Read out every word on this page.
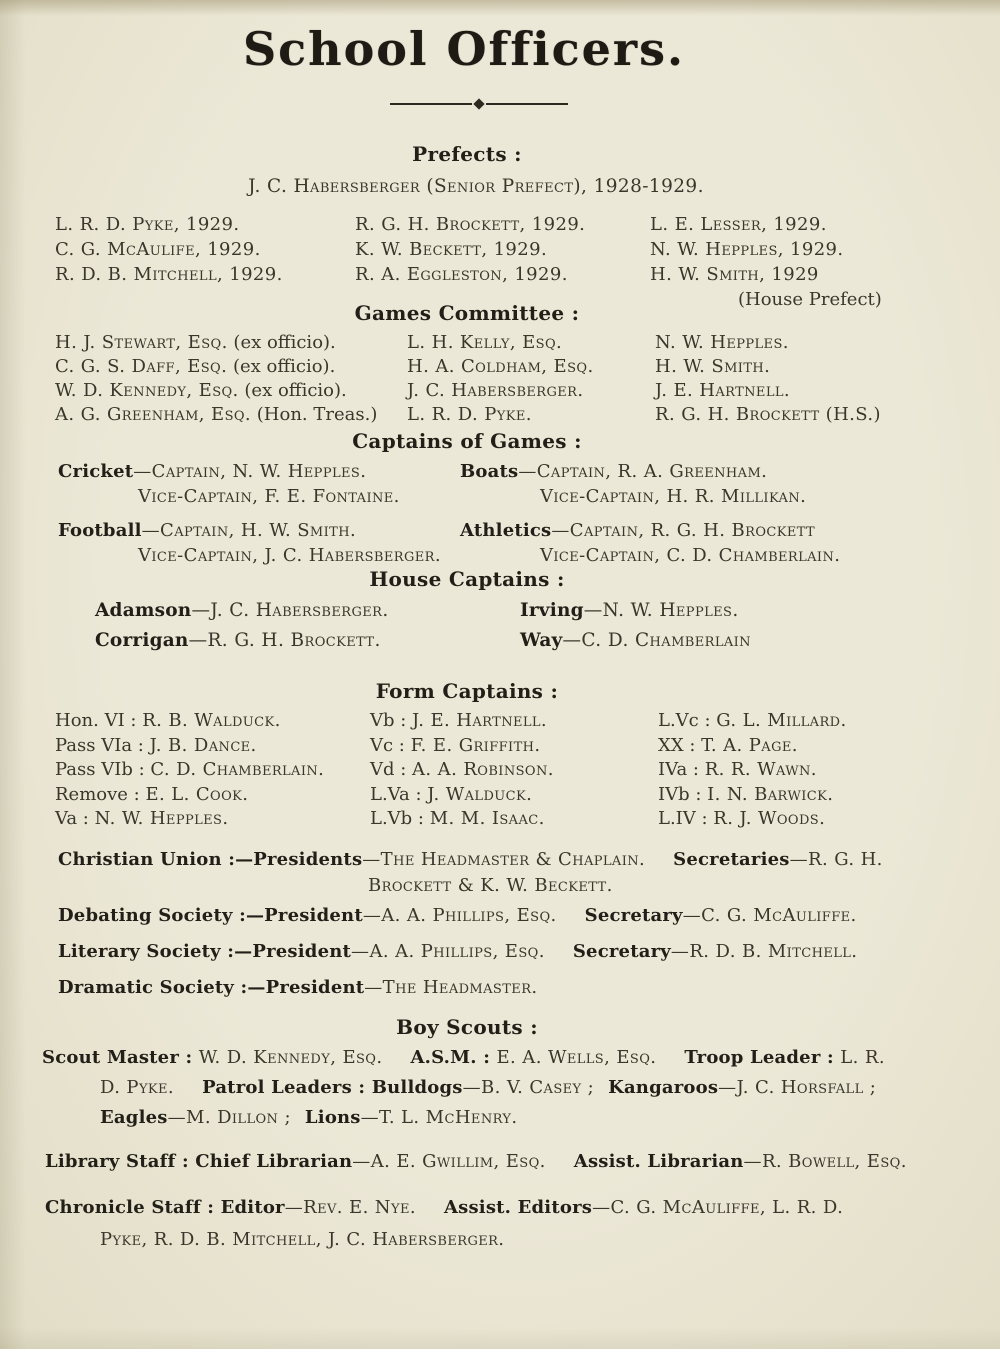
School Officers.
Prefects :
J. C. Habersberger (Senior Prefect), 1928-1929.
L. R. D. Pyke, 1929.
C. G. McAulife, 1929.
R. D. B. Mitchell, 1929.
R. G. H. Brockett, 1929.
K. W. Beckett, 1929.
R. A. Eggleston, 1929.
L. E. Lesser, 1929.
N. W. Hepples, 1929.
H. W. Smith, 1929
(House Prefect)
Games Committee :
H. J. Stewart, Esq. (ex officio).
C. G. S. Daff, Esq. (ex officio).
W. D. Kennedy, Esq. (ex officio).
A. G. Greenham, Esq. (Hon. Treas.)
L. H. Kelly, Esq.
H. A. Coldham, Esq.
J. C. Habersberger.
L. R. D. Pyke.
N. W. Hepples.
H. W. Smith.
J. E. Hartnell.
R. G. H. Brockett (H.S.)
Captains of Games :
Cricket—Captain, N. W. Hepples.
Vice-Captain, F. E. Fontaine.
Football—Captain, H. W. Smith.
Vice-Captain, J. C. Habersberger.
Boats—Captain, R. A. Greenham.
Vice-Captain, H. R. Millikan.
Athletics—Captain, R. G. H. Brockett
Vice-Captain, C. D. Chamberlain.
House Captains :
Adamson—J. C. Habersberger.
Corrigan—R. G. H. Brockett.
Irving—N. W. Hepples.
Way—C. D. Chamberlain
Form Captains :
Hon. VI : R. B. Walduck.
Pass VIa : J. B. Dance.
Pass VIb : C. D. Chamberlain.
Remove : E. L. Cook.
Va : N. W. Hepples.
Vb : J. E. Hartnell.
Vc : F. E. Griffith.
Vd : A. A. Robinson.
L.Va : J. Walduck.
L.Vb : M. M. Isaac.
L.Vc : G. L. Millard.
XX : T. A. Page.
IVa : R. R. Wawn.
IVb : I. N. Barwick.
L.IV : R. J. Woods.
Christian Union :—Presidents—The Headmaster & Chaplain. Secretaries—R. G. H.
Brockett & K. W. Beckett.
Debating Society :—President—A. A. Phillips, Esq. Secretary—C. G. McAuliffe.
Literary Society :—President—A. A. Phillips, Esq. Secretary—R. D. B. Mitchell.
Dramatic Society :—President—The Headmaster.
Boy Scouts :
Scout Master : W. D. Kennedy, Esq. A.S.M. : E. A. Wells, Esq. Troop Leader : L. R.
D. Pyke. Patrol Leaders : Bulldogs—B. V. Casey ; Kangaroos—J. C. Horsfall ;
Eagles—M. Dillon ; Lions—T. L. McHenry.
Library Staff : Chief Librarian—A. E. Gwillim, Esq. Assist. Librarian—R. Bowell, Esq.
Chronicle Staff : Editor—Rev. E. Nye. Assist. Editors—C. G. McAuliffe, L. R. D.
Pyke, R. D. B. Mitchell, J. C. Habersberger.
